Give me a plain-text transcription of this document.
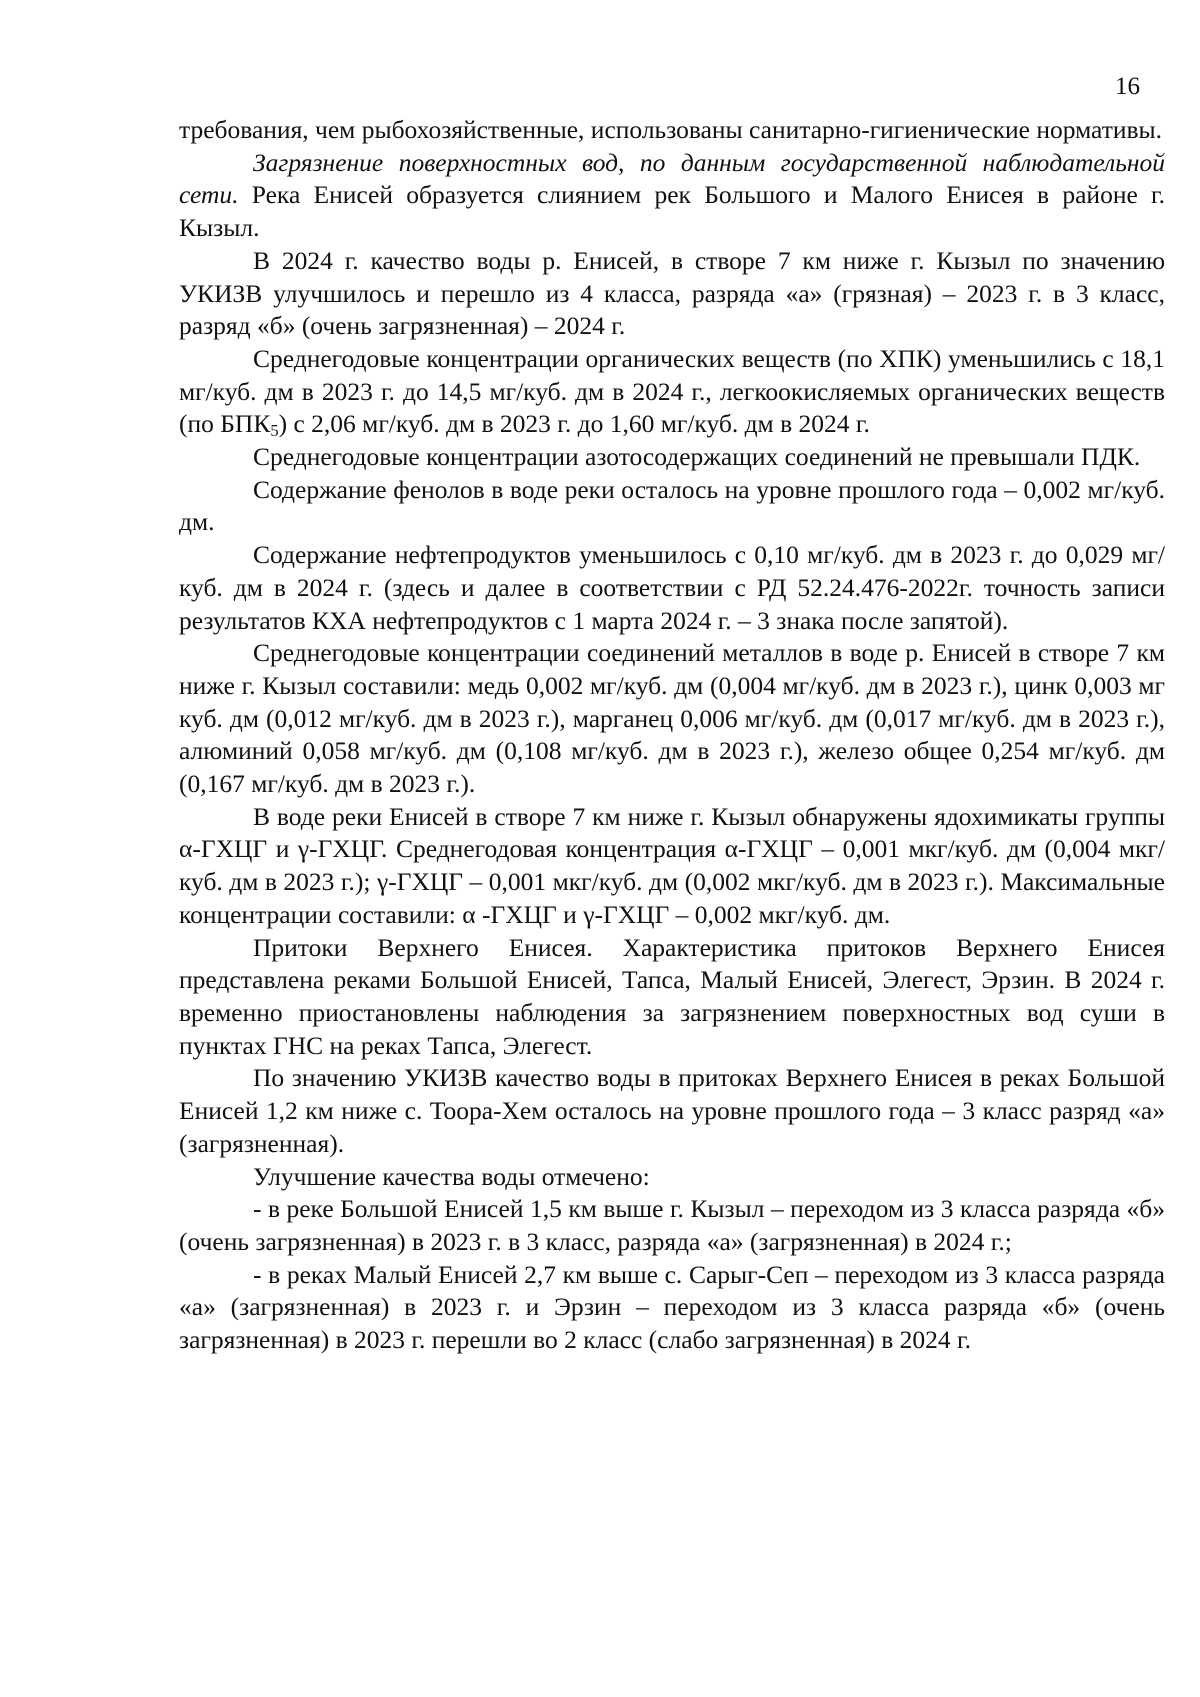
16

требования, чем рыбохозяйственные, использованы санитарно-гигиенические нормативы.

Загрязнение поверхностных вод, по данным государственной наблюдательной сети. Река Енисей образуется слиянием рек Большого и Малого Енисея в районе г. Кызыл.

В 2024 г. качество воды р. Енисей, в створе 7 км ниже г. Кызыл по значению УКИЗВ улучшилось и перешло из 4 класса, разряда «а» (грязная) – 2023 г. в 3 класс, разряд «б» (очень загрязненная) – 2024 г.

Среднегодовые концентрации органических веществ (по ХПК) уменьшились с 18,1 мг/куб. дм в 2023 г. до 14,5 мг/куб. дм в 2024 г., легкоокисляемых органических веществ (по $БПК_5$) с 2,06 мг/куб. дм в 2023 г. до 1,60 мг/куб. дм в 2024 г.

Среднегодовые концентрации азотосодержащих соединений не превышали ПДК.

Содержание фенолов в воде реки осталось на уровне прошлого года – 0,002 мг/куб. дм.

Содержание нефтепродуктов уменьшилось с 0,10 мг/куб. дм в 2023 г. до 0,029 мг/куб. дм в 2024 г. (здесь и далее в соответствии с РД 52.24.476-2022г. точность записи результатов КХА нефтепродуктов с 1 марта 2024 г. – 3 знака после запятой).

Среднегодовые концентрации соединений металлов в воде р. Енисей в створе 7 км ниже г. Кызыл составили: медь 0,002 мг/куб. дм (0,004 мг/куб. дм в 2023 г.), цинк 0,003 мг куб. дм (0,012 мг/куб. дм в 2023 г.), марганец 0,006 мг/куб. дм (0,017 мг/куб. дм в 2023 г.), алюминий 0,058 мг/куб. дм (0,108 мг/куб. дм в 2023 г.), железо общее 0,254 мг/куб. дм (0,167 мг/куб. дм в 2023 г.).

В воде реки Енисей в створе 7 км ниже г. Кызыл обнаружены ядохимикаты группы α-ГХЦГ и γ-ГХЦГ. Среднегодовая концентрация α-ГХЦГ – 0,001 мкг/куб. дм (0,004 мкг/куб. дм в 2023 г.); γ-ГХЦГ – 0,001 мкг/куб. дм (0,002 мкг/куб. дм в 2023 г.). Максимальные концентрации составили: α -ГХЦГ и γ-ГХЦГ – 0,002 мкг/куб. дм.

Притоки Верхнего Енисея. Характеристика притоков Верхнего Енисея представлена реками Большой Енисей, Тапса, Малый Енисей, Элегест, Эрзин. В 2024 г. временно приостановлены наблюдения за загрязнением поверхностных вод суши в пунктах ГНС на реках Тапса, Элегест.

По значению УКИЗВ качество воды в притоках Верхнего Енисея в реках Большой Енисей 1,2 км ниже с. Тоора-Хем осталось на уровне прошлого года – 3 класс разряд «а» (загрязненная).

Улучшение качества воды отмечено:

- в реке Большой Енисей 1,5 км выше г. Кызыл – переходом из 3 класса разряда «б» (очень загрязненная) в 2023 г. в 3 класс, разряда «а» (загрязненная) в 2024 г.;

- в реках Малый Енисей 2,7 км выше с. Сарыг-Сеп – переходом из 3 класса разряда «а» (загрязненная) в 2023 г. и Эрзин – переходом из 3 класса разряда «б» (очень загрязненная) в 2023 г. перешли во 2 класс (слабо загрязненная) в 2024 г.
